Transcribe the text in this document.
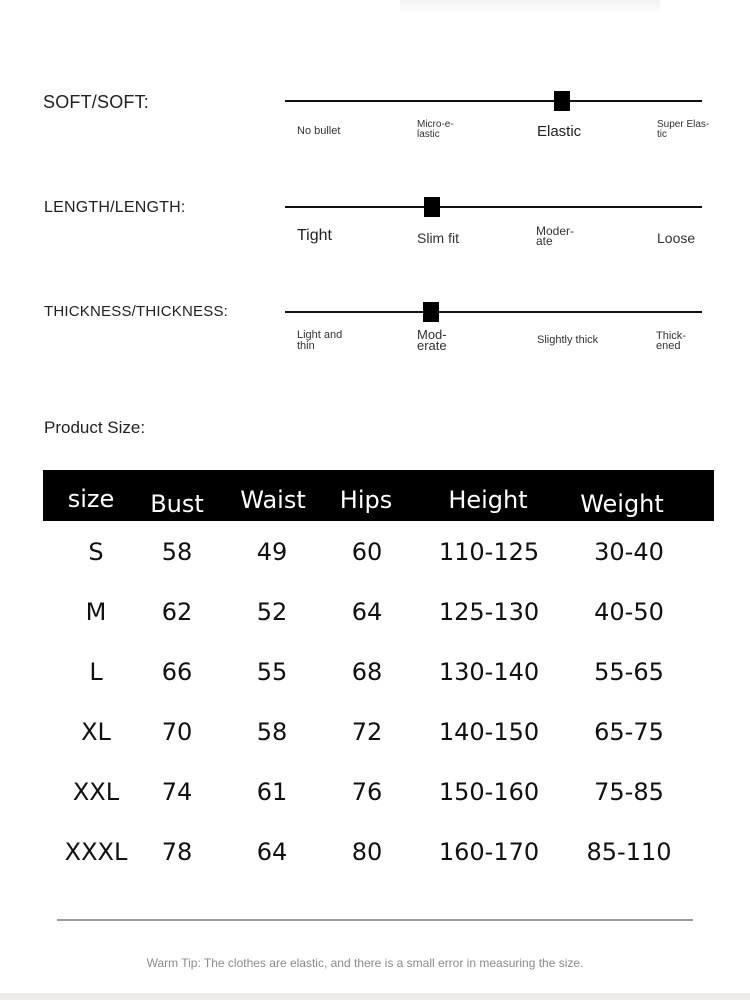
SOFT/SOFT:
No bullet
Micro-e-
lastic	Elastic	Super Elas-
tic
LENGTH/LENGTH:
Tight	Slim fit	Moder-
ate	Loose
THICKNESS/THICKNESS:
Light and
thin
Mod-
erate	Slightly thick	Thick-
ened
Product Size:
size Bust Waist Hips Height Weight
S 58	49	60 110-125 30-40
M 62	52	64 125-130 40-50
L 66	55	68 130-140 55-65
XL 70	58	72 140-150 65-75
XXL 74	61	76 150-160 75-85
XXXL 78	64	80 160-170 85-110
Warm Tip: The clothes are elastic, and there is a small error in measuring the size.
